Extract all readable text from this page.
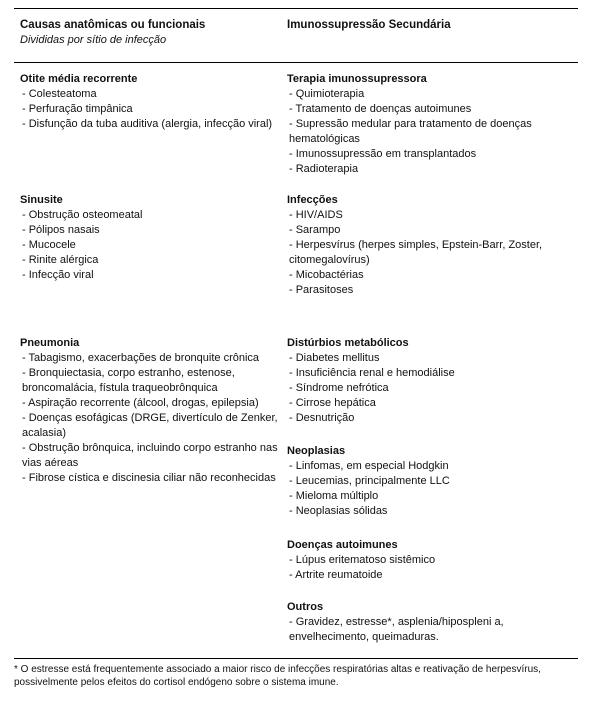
Causas anatômicas ou funcionais
Divididas por sítio de infecção
Otite média recorrente
- Colesteatoma
- Perfuração timpânica
- Disfunção da tuba auditiva (alergia, infecção viral)
Sinusite
- Obstrução osteomeatal
- Pólipos nasais
- Mucocele
- Rinite alérgica
- Infecção viral
Pneumonia
- Tabagismo, exacerbações de bronquite crônica
- Bronquiectasia, corpo estranho, estenose, broncomalácia, fístula traqueobrônquica
- Aspiração recorrente (álcool, drogas, epilepsia)
- Doenças esofágicas (DRGE, divertículo de Zenker, acalasia)
- Obstrução brônquica, incluindo corpo estranho nas vias aéreas
- Fibrose cística e discinesia ciliar não reconhecidas
Imunossupressão Secundária
Terapia imunossupressora
- Quimioterapia
- Tratamento de doenças autoimunes
- Supressão medular para tratamento de doenças hematológicas
- Imunossupressão em transplantados
- Radioterapia
Infecções
- HIV/AIDS
- Sarampo
- Herpesvírus (herpes simples, Epstein-Barr, Zoster, citomegalovírus)
- Micobactérias
- Parasitoses
Distúrbios metabólicos
- Diabetes mellitus
- Insuficiência renal e hemodiálise
- Síndrome nefrótica
- Cirrose hepática
- Desnutrição
Neoplasias
- Linfomas, em especial Hodgkin
- Leucemias, principalmente LLC
- Mieloma múltiplo
- Neoplasias sólidas
Doenças autoimunes
- Lúpus eritematoso sistêmico
- Artrite reumatoide
Outros
- Gravidez, estresse*, asplenia/hipospleni a, envelhecimento, queimaduras.
* O estresse está frequentemente associado a maior risco de infecções respiratórias altas e reativação de herpesvírus, possivelmente pelos efeitos do cortisol endógeno sobre o sistema imune.
